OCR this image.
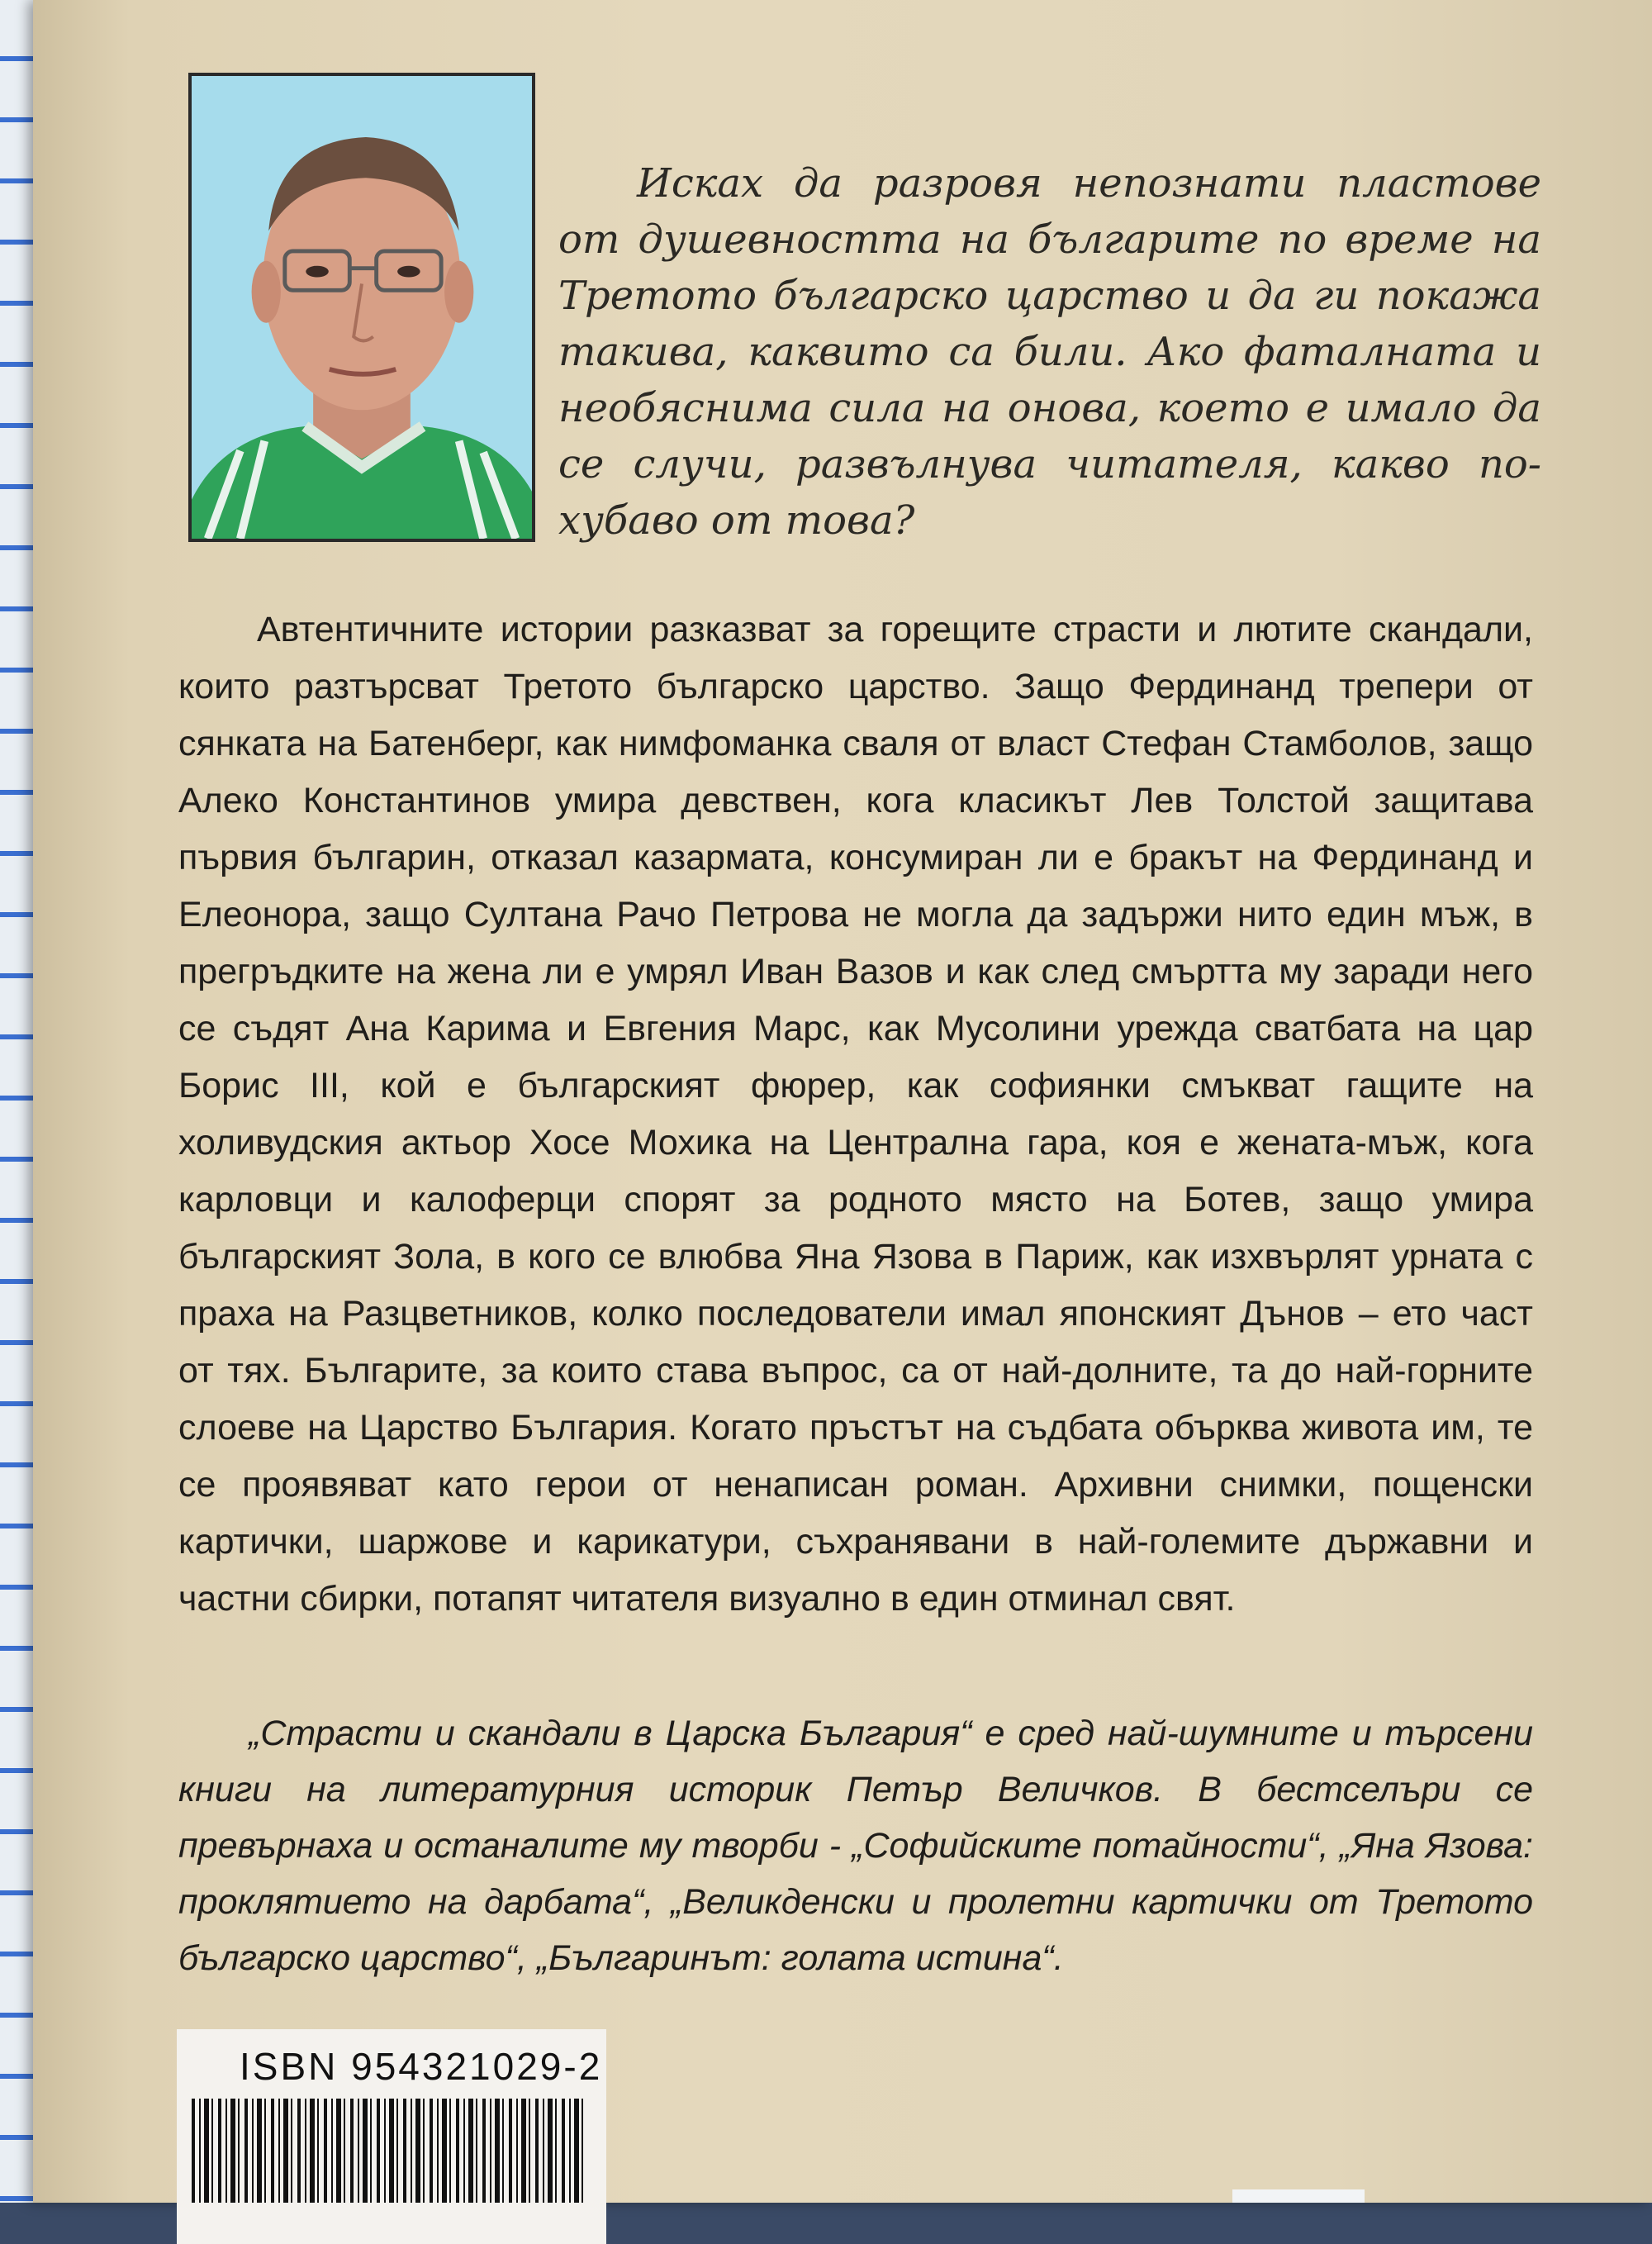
Исках да разровя непознати пластове от душевността на българите по време на Третото българско царство и да ги покажа такива, каквито са били. Ако фаталната и необяснима сила на онова, което е имало да се случи, развълнува читателя, какво по-хубаво от това?

Автентичните истории разказват за горещите страсти и лютите скандали, които разтърсват Третото българско царство. Защо Фердинанд трепери от сянката на Батенберг, как нимфоманка сваля от власт Стефан Стамболов, защо Алеко Константинов умира девствен, кога класикът Лев Толстой защитава първия българин, отказал казармата, консумиран ли е бракът на Фердинанд и Елеонора, защо Султана Рачо Петрова не могла да задържи нито един мъж, в прегръдките на жена ли е умрял Иван Вазов и как след смъртта му заради него се съдят Ана Карима и Евгения Марс, как Мусолини урежда сватбата на цар Борис III, кой е българският фюрер, как софиянки смъкват гащите на холивудския актьор Хосе Мохика на Централна гара, коя е жената-мъж, кога карловци и калоферци спорят за родното място на Ботев, защо умира българският Зола, в кого се влюбва Яна Язова в Париж, как изхвърлят урната с праха на Разцветников, колко последователи имал японският Дънов – ето част от тях. Българите, за които става въпрос, са от най-долните, та до най-горните слоеве на Царство България. Когато пръстът на съдбата обърква живота им, те се проявяват като герои от ненаписан роман. Архивни снимки, пощенски картички, шаржове и карикатури, съхранявани в най-големите държавни и частни сбирки, потапят читателя визуално в един отминал свят.

„Страсти и скандали в Царска България“ е сред най-шумните и търсени книги на литературния историк Петър Величков. В бестселъри се превърнаха и останалите му творби - „Софийските потайности“, „Яна Язова: проклятието на дарбата“, „Великденски и пролетни картички от Третото българско царство“, „Българинът: голата истина“.

ISBN 954321029-2
